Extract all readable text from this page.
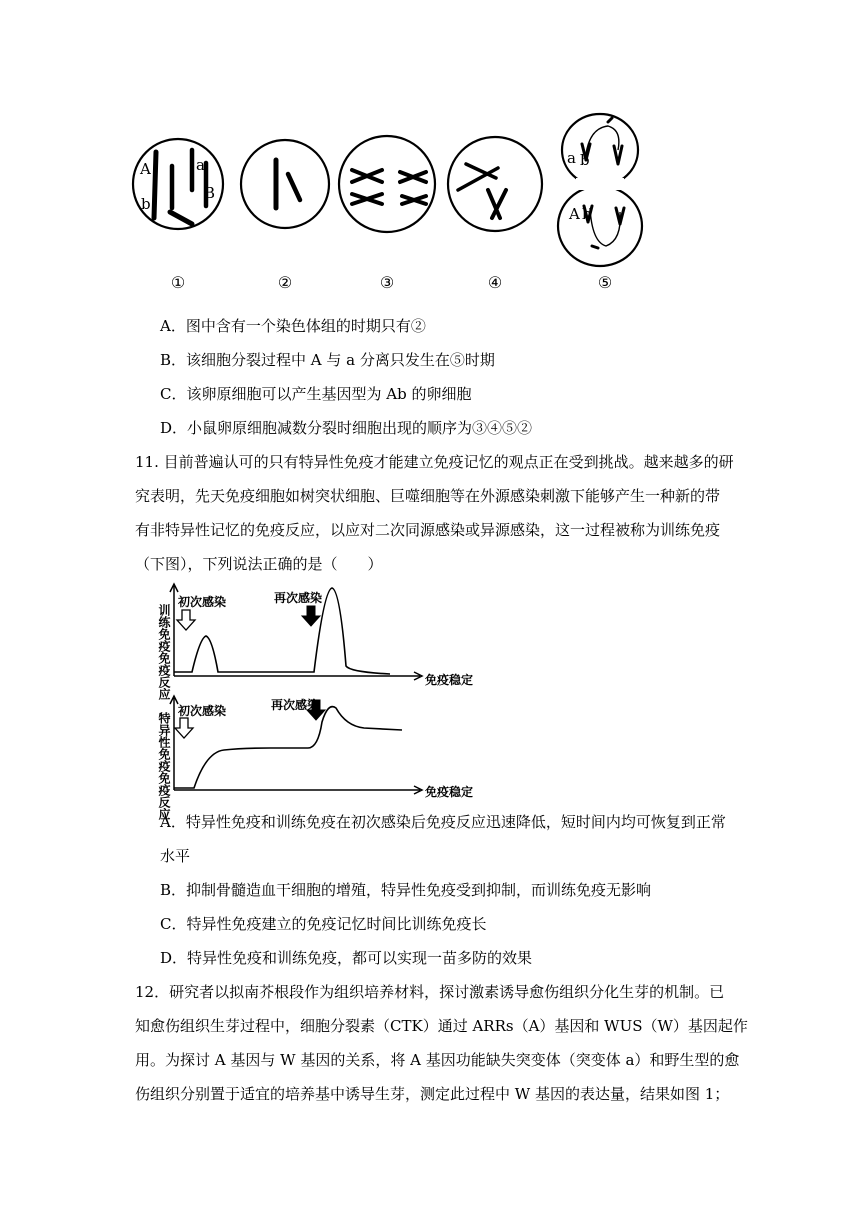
A
b
a
B
a b
A b
①	②	③	④	⑤
A．图中含有一个染色体组的时期只有②
B．该细胞分裂过程中 A 与 a 分离只发生在⑤时期
C．该卵原细胞可以产生基因型为 Ab 的卵细胞
D．小鼠卵原细胞减数分裂时细胞出现的顺序为③④⑤②
11. 目前普遍认可的只有特异性免疫才能建立免疫记忆的观点正在受到挑战。越来越多的研
究表明，先天免疫细胞如树突状细胞、巨噬细胞等在外源感染刺激下能够产生一种新的带
有非特异性记忆的免疫反应，以应对二次同源感染或异源感染，这一过程被称为训练免疫
（下图），下列说法正确的是（　　）
初次感染	再次感染
免疫稳定
训练免疫免疫反应
初次感染	再次感染
免疫稳定
特异性免疫免疫反应
A．特异性免疫和训练免疫在初次感染后免疫反应迅速降低，短时间内均可恢复到正常
水平
B．抑制骨髓造血干细胞的增殖，特异性免疫受到抑制，而训练免疫无影响
C．特异性免疫建立的免疫记忆时间比训练免疫长
D．特异性免疫和训练免疫，都可以实现一苗多防的效果
12．研究者以拟南芥根段作为组织培养材料，探讨激素诱导愈伤组织分化生芽的机制。已
知愈伤组织生芽过程中，细胞分裂素（CTK）通过 ARRs（A）基因和 WUS（W）基因起作
用。为探讨 A 基因与 W 基因的关系，将 A 基因功能缺失突变体（突变体 a）和野生型的愈
伤组织分别置于适宜的培养基中诱导生芽，测定此过程中 W 基因的表达量，结果如图 1；
